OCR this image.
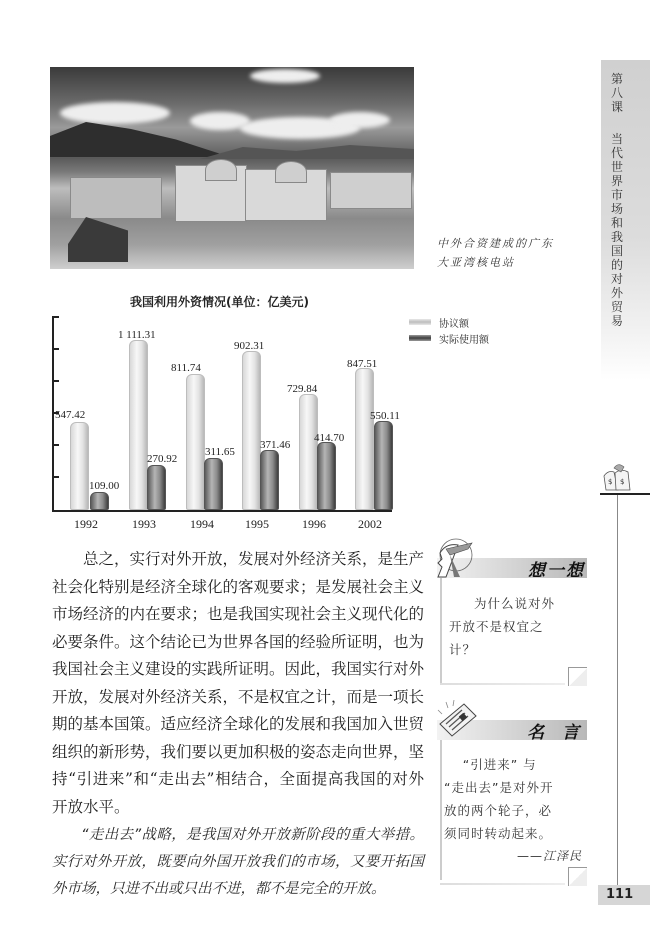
中外合资建成的广东
大亚湾核电站
我国利用外资情况(单位：亿美元)
547.42
109.00
1992
1 111.31
270.92
1993
811.74
311.65
1994
902.31
371.46
1995
729.84
414.70
1996
847.51
550.11
2002
协议额
实际使用额
总之，实行对外开放，发展对外经济关系，是生产社会化特别是经济全球化的客观要求；是发展社会主义市场经济的内在要求；也是我国实现社会主义现代化的必要条件。这个结论已为世界各国的经验所证明，也为我国社会主义建设的实践所证明。因此，我国实行对外开放，发展对外经济关系，不是权宜之计，而是一项长期的基本国策。适应经济全球化的发展和我国加入世贸组织的新形势，我们要以更加积极的姿态走向世界，坚持“引进来”和“走出去”相结合，全面提高我国的对外开放水平。
“走出去”战略，是我国对外开放新阶段的重大举措。实行对外开放，既要向外国开放我们的市场，又要开拓国外市场，只进不出或只出不进，都不是完全的开放。
第八课
当代世界市场和我国的对外贸易
$ $
111
想一想
为什么说对外
开放不是权宜之
计？
名 言
“引进来” 与
“走出去”是对外开
放的两个轮子，必
须同时转动起来。
——江泽民
